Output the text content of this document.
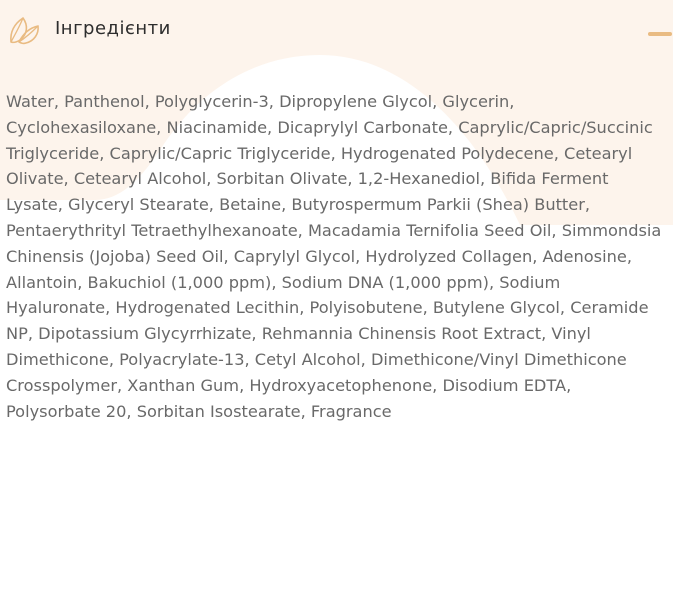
Інгредієнти
Water, Panthenol, Polyglycerin-3, Dipropylene Glycol, Glycerin, Cyclohexasiloxane, Niacinamide, Dicaprylyl Carbonate, Caprylic/Capric/Succinic Triglyceride, Caprylic/Capric Triglyceride, Hydrogenated Polydecene, Cetearyl Olivate, Cetearyl Alcohol, Sorbitan Olivate, 1,2-Hexanediol, Bifida Ferment Lysate, Glyceryl Stearate, Betaine, Butyrospermum Parkii (Shea) Butter, Pentaerythrityl Tetraethylhexanoate, Macadamia Ternifolia Seed Oil, Simmondsia Chinensis (Jojoba) Seed Oil, Caprylyl Glycol, Hydrolyzed Collagen, Adenosine, Allantoin, Bakuchiol (1,000 ppm), Sodium DNA (1,000 ppm), Sodium Hyaluronate, Hydrogenated Lecithin, Polyisobutene, Butylene Glycol, Ceramide NP, Dipotassium Glycyrrhizate, Rehmannia Chinensis Root Extract, Vinyl Dimethicone, Polyacrylate-13, Cetyl Alcohol, Dimethicone/Vinyl Dimethicone Crosspolymer, Xanthan Gum, Hydroxyacetophenone, Disodium EDTA, Polysorbate 20, Sorbitan Isostearate, Fragrance
